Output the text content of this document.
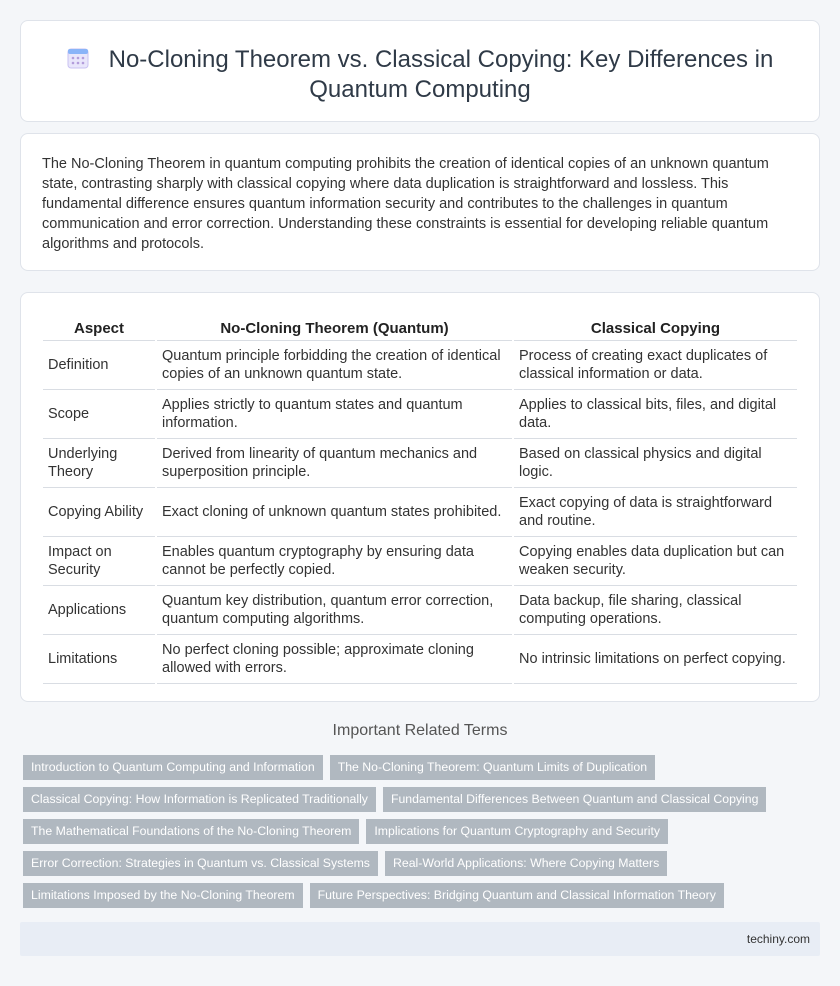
No-Cloning Theorem vs. Classical Copying: Key Differences in Quantum Computing

The No-Cloning Theorem in quantum computing prohibits the creation of identical copies of an unknown quantum state, contrasting sharply with classical copying where data duplication is straightforward and lossless. This fundamental difference ensures quantum information security and contributes to the challenges in quantum communication and error correction. Understanding these constraints is essential for developing reliable quantum algorithms and protocols.

Aspect	No-Cloning Theorem (Quantum)	Classical Copying
Definition	Quantum principle forbidding the creation of identical copies of an unknown quantum state.	Process of creating exact duplicates of classical information or data.
Scope	Applies strictly to quantum states and quantum information.	Applies to classical bits, files, and digital data.
Underlying Theory	Derived from linearity of quantum mechanics and superposition principle.	Based on classical physics and digital logic.
Copying Ability	Exact cloning of unknown quantum states prohibited.	Exact copying of data is straightforward and routine.
Impact on Security	Enables quantum cryptography by ensuring data cannot be perfectly copied.	Copying enables data duplication but can weaken security.
Applications	Quantum key distribution, quantum error correction, quantum computing algorithms.	Data backup, file sharing, classical computing operations.
Limitations	No perfect cloning possible; approximate cloning allowed with errors.	No intrinsic limitations on perfect copying.
Important Related Terms
Introduction to Quantum Computing and Information	The No-Cloning Theorem: Quantum Limits of Duplication
Classical Copying: How Information is Replicated Traditionally	Fundamental Differences Between Quantum and Classical Copying
The Mathematical Foundations of the No-Cloning Theorem	Implications for Quantum Cryptography and Security
Error Correction: Strategies in Quantum vs. Classical Systems	Real-World Applications: Where Copying Matters
Limitations Imposed by the No-Cloning Theorem	Future Perspectives: Bridging Quantum and Classical Information Theory
techiny.com
